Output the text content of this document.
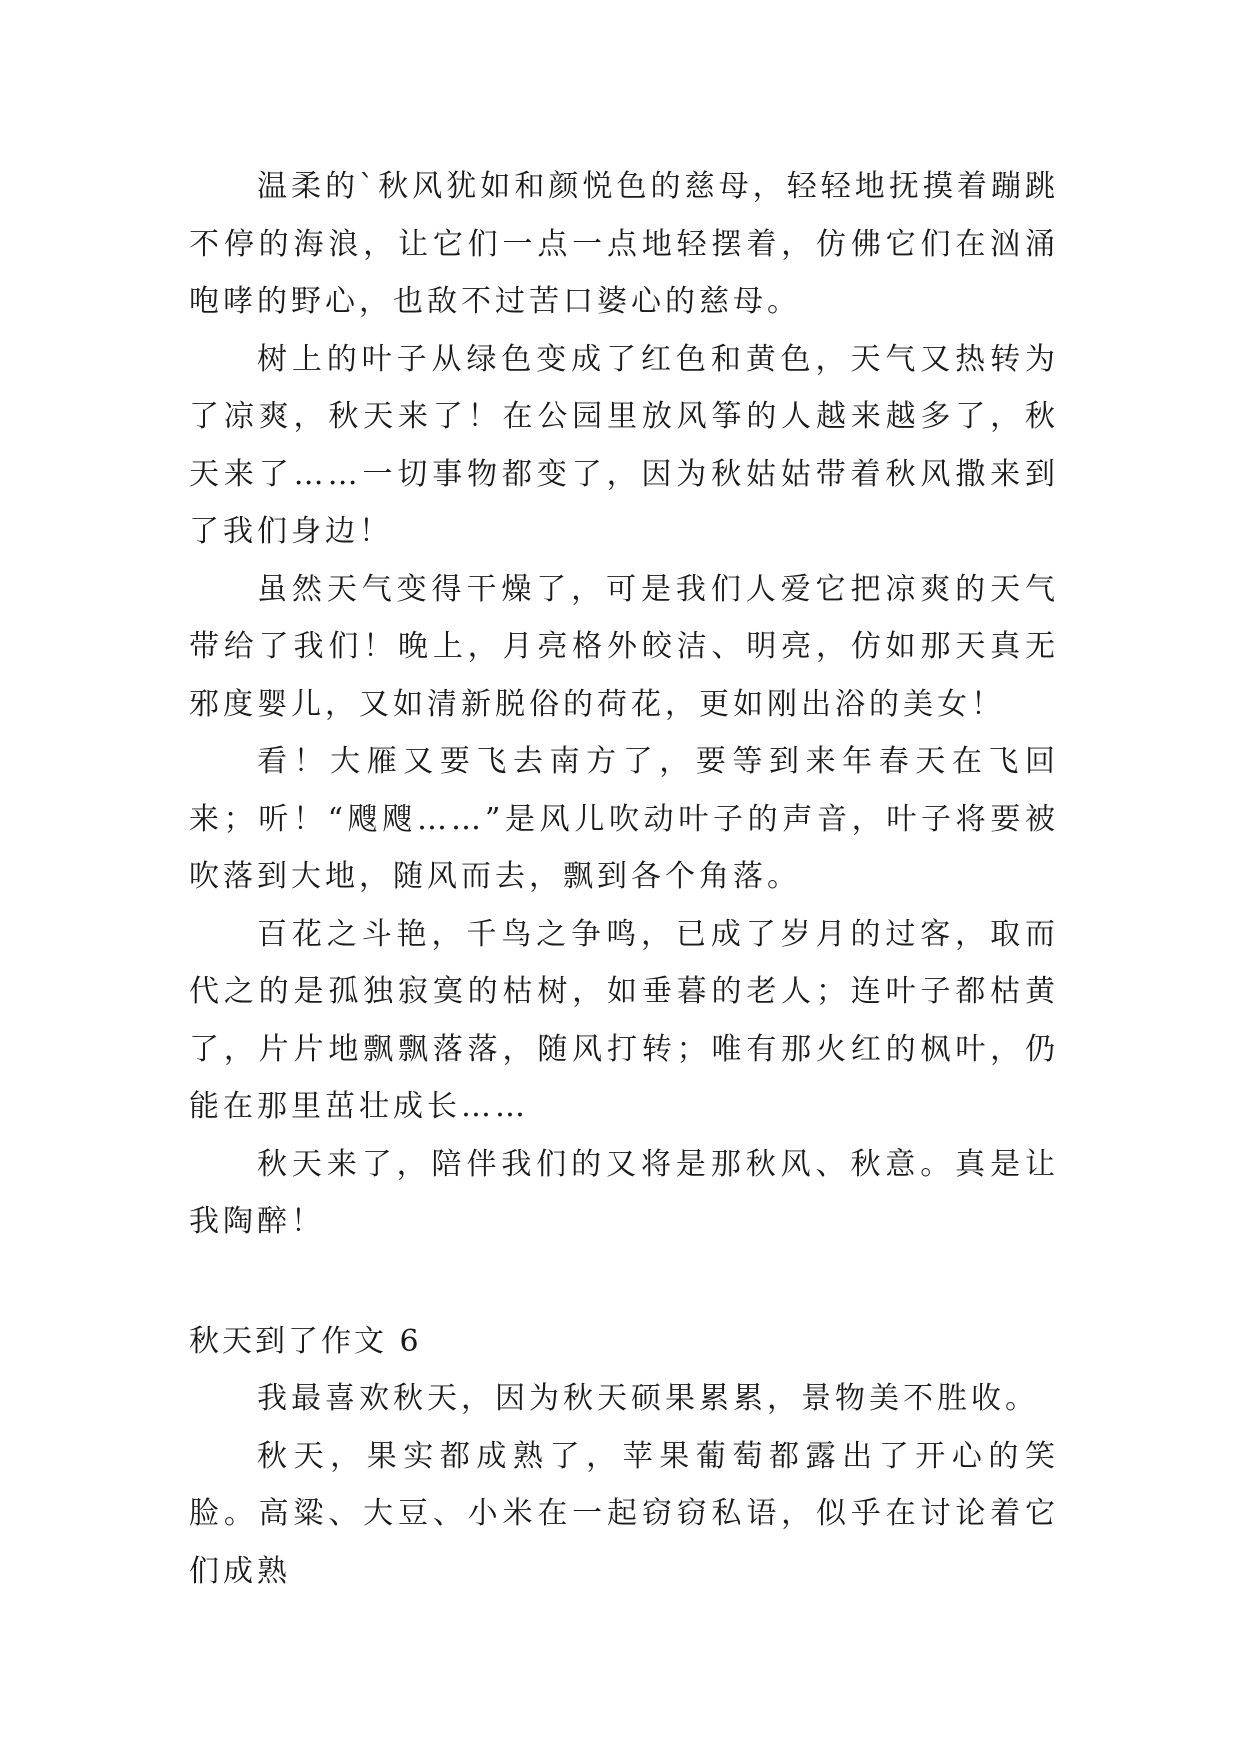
温柔的`秋风犹如和颜悦色的慈母，轻轻地抚摸着蹦跳不停的海浪，让它们一点一点地轻摆着，仿佛它们在汹涌咆哮的野心，也敌不过苦口婆心的慈母。

树上的叶子从绿色变成了红色和黄色，天气又热转为了凉爽，秋天来了！在公园里放风筝的人越来越多了，秋天来了……一切事物都变了，因为秋姑姑带着秋风撒来到了我们身边！

虽然天气变得干燥了，可是我们人爱它把凉爽的天气带给了我们！晚上，月亮格外皎洁、明亮，仿如那天真无邪度婴儿，又如清新脱俗的荷花，更如刚出浴的美女！

看！大雁又要飞去南方了，要等到来年春天在飞回来；听！“飕飕……”是风儿吹动叶子的声音，叶子将要被吹落到大地，随风而去，飘到各个角落。

百花之斗艳，千鸟之争鸣，已成了岁月的过客，取而代之的是孤独寂寞的枯树，如垂暮的老人；连叶子都枯黄了，片片地飘飘落落，随风打转；唯有那火红的枫叶，仍能在那里茁壮成长……

秋天来了，陪伴我们的又将是那秋风、秋意。真是让我陶醉！

秋天到了作文 6

我最喜欢秋天，因为秋天硕果累累，景物美不胜收。

秋天，果实都成熟了，苹果葡萄都露出了开心的笑脸。高粱、大豆、小米在一起窃窃私语，似乎在讨论着它们成熟
